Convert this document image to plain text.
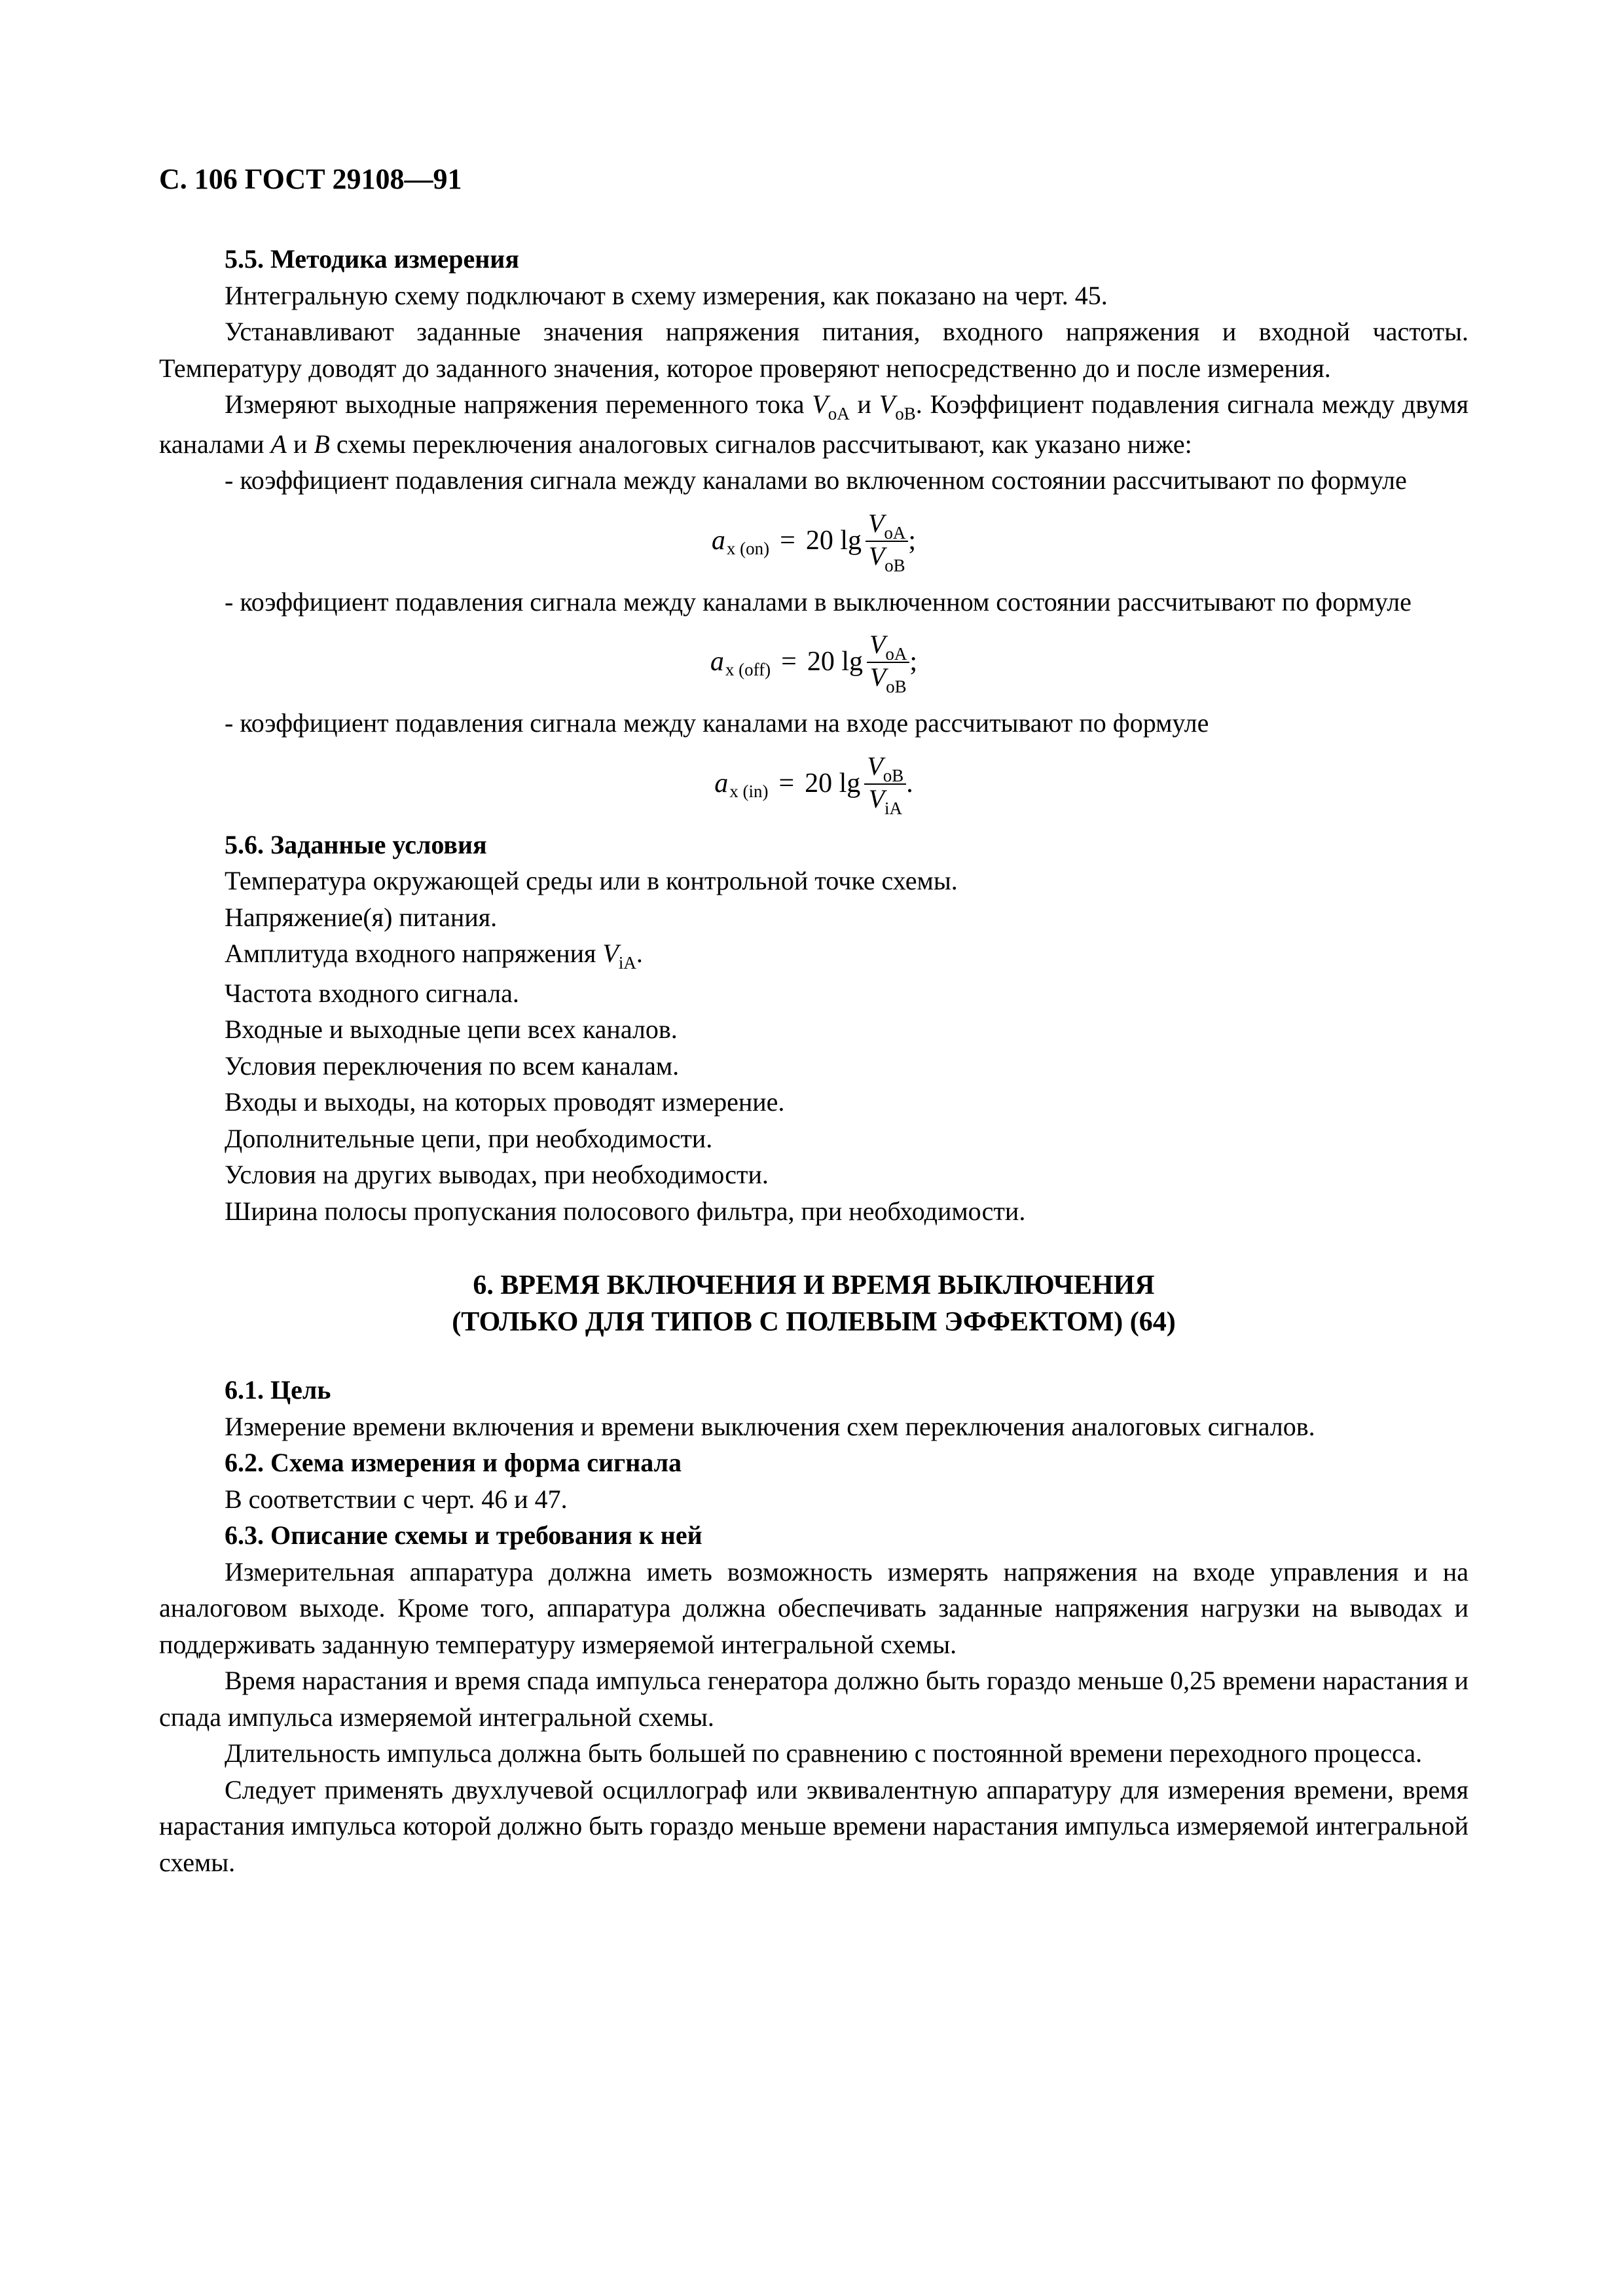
С. 106 ГОСТ 29108—91

5.5. Методика измерения

Интегральную схему подключают в схему измерения, как показано на черт. 45.

Устанавливают заданные значения напряжения питания, входного напряжения и входной частоты. Температуру доводят до заданного значения, которое проверяют непосредственно до и после измерения.

Измеряют выходные напряжения переменного тока $V_{oA}$ и $V_{oB}$. Коэффициент подавления сигнала между двумя каналами A и B схемы переключения аналоговых сигналов рассчитывают, как указано ниже:

- коэффициент подавления сигнала между каналами во включенном состоянии рассчитывают по формуле

a x (on) = 20 $\lg \frac{V_{oA}}{V_{oB}}$ ;

- коэффициент подавления сигнала между каналами в выключенном состоянии рассчитывают по формуле

a x (off) = 20 $\lg \frac{V_{oA}}{V_{oB}}$ ;

- коэффициент подавления сигнала между каналами на входе рассчитывают по формуле

a x (in) = 20 $\lg \frac{V_{oB}}{V_{iA}}$ .

5.6. Заданные условия

Температура окружающей среды или в контрольной точке схемы.

Напряжение(я) питания.

Амплитуда входного напряжения $V_{iA}$.

Частота входного сигнала.

Входные и выходные цепи всех каналов.

Условия переключения по всем каналам.

Входы и выходы, на которых проводят измерение.

Дополнительные цепи, при необходимости.

Условия на других выводах, при необходимости.

Ширина полосы пропускания полосового фильтра, при необходимости.

6. ВРЕМЯ ВКЛЮЧЕНИЯ И ВРЕМЯ ВЫКЛЮЧЕНИЯ

(ТОЛЬКО ДЛЯ ТИПОВ С ПОЛЕВЫМ ЭФФЕКТОМ) (64)

6.1. Цель

Измерение времени включения и времени выключения схем переключения аналоговых сигналов.

6.2. Схема измерения и форма сигнала

В соответствии с черт. 46 и 47.

6.3. Описание схемы и требования к ней

Измерительная аппаратура должна иметь возможность измерять напряжения на входе управления и на аналоговом выходе. Кроме того, аппаратура должна обеспечивать заданные напряжения нагрузки на выводах и поддерживать заданную температуру измеряемой интегральной схемы.

Время нарастания и время спада импульса генератора должно быть гораздо меньше 0,25 времени нарастания и спада импульса измеряемой интегральной схемы.

Длительность импульса должна быть большей по сравнению с постоянной времени переходного процесса.

Следует применять двухлучевой осциллограф или эквивалентную аппаратуру для измерения времени, время нарастания импульса которой должно быть гораздо меньше времени нарастания импульса измеряемой интегральной схемы.
